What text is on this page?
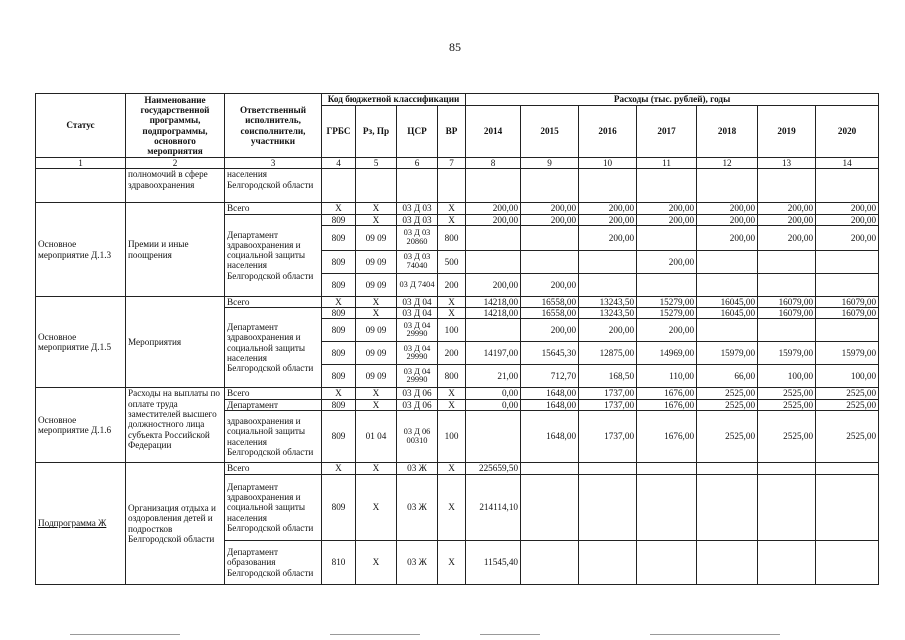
85
Статус	Наименование государственной программы, подпрограммы, основного мероприятия	Ответственный исполнитель, соисполнители, участники	Код бюджетной классификации				Расходы (тыс. рублей), годы						
			ГРБС	Рз, Пр	ЦСР	ВР	2014	2015	2016	2017	2018	2019	2020
1	2	3	4	5	6	7	8	9	10	11	12	13	14
	полномочий в сфере здравоохранения	населения Белгородской области											
Основное мероприятие Д.1.3	Премии и иные поощрения	Всего	X	X	03 Д 03	X	200,00	200,00	200,00	200,00	200,00	200,00	200,00
		Департамент здравоохранения и социальной защиты населения Белгородской области	809	X	03 Д 03	X	200,00	200,00	200,00	200,00	200,00	200,00	200,00
			809	09 09	03 Д 03 20860	800			200,00		200,00	200,00	200,00
			809	09 09	03 Д 03 74040	500				200,00			
			809	09 09	03 Д 7404	200	200,00	200,00					
Основное мероприятие Д.1.5	Мероприятия	Всего	X	X	03 Д 04	X	14218,00	16558,00	13243,50	15279,00	16045,00	16079,00	16079,00
		Департамент здравоохранения и социальной защиты населения Белгородской области	809	X	03 Д 04	X	14218,00	16558,00	13243,50	15279,00	16045,00	16079,00	16079,00
			809	09 09	03 Д 04 29990	100		200,00	200,00	200,00			
			809	09 09	03 Д 04 29990	200	14197,00	15645,30	12875,00	14969,00	15979,00	15979,00	15979,00
			809	09 09	03 Д 04 29990	800	21,00	712,70	168,50	110,00	66,00	100,00	100,00
Основное мероприятие Д.1.6	Расходы на выплаты по оплате труда заместителей высшего должностного лица субъекта Российской Федерации	Всего	X	X	03 Д 06	X	0,00	1648,00	1737,00	1676,00	2525,00	2525,00	2525,00
		Департамент	809	X	03 Д 06	X	0,00	1648,00	1737,00	1676,00	2525,00	2525,00	2525,00
		здравоохранения и социальной защиты населения Белгородской области	809	01 04	03 Д 06 00310	100		1648,00	1737,00	1676,00	2525,00	2525,00	2525,00
Подпрограмма Ж	Организация отдыха и оздоровления детей и подростков Белгородской области	Всего	X	X	03 Ж	X	225659,50						
		Департамент здравоохранения и социальной защиты населения Белгородской области	809	X	03 Ж	X	214114,10						
		Департамент образования Белгородской области	810	X	03 Ж	X	11545,40						
